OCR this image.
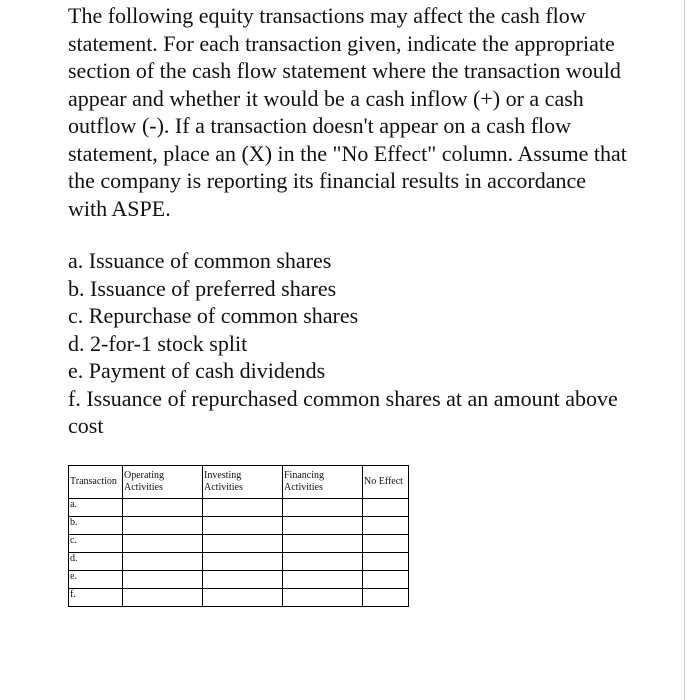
The following equity transactions may affect the cash flow statement. For each transaction given, indicate the appropriate section of the cash flow statement where the transaction would appear and whether it would be a cash inflow (+) or a cash outflow (-). If a transaction doesn't appear on a cash flow statement, place an (X) in the "No Effect" column. Assume that the company is reporting its financial results in accordance with ASPE.

a. Issuance of common shares
b. Issuance of preferred shares
c. Repurchase of common shares
d. 2-for-1 stock split
e. Payment of cash dividends
f. Issuance of repurchased common shares at an amount above cost
Transaction	Operating Activities	Investing Activities	Financing Activities	No Effect
a.				
b.				
c.				
d.				
e.				
f.				
